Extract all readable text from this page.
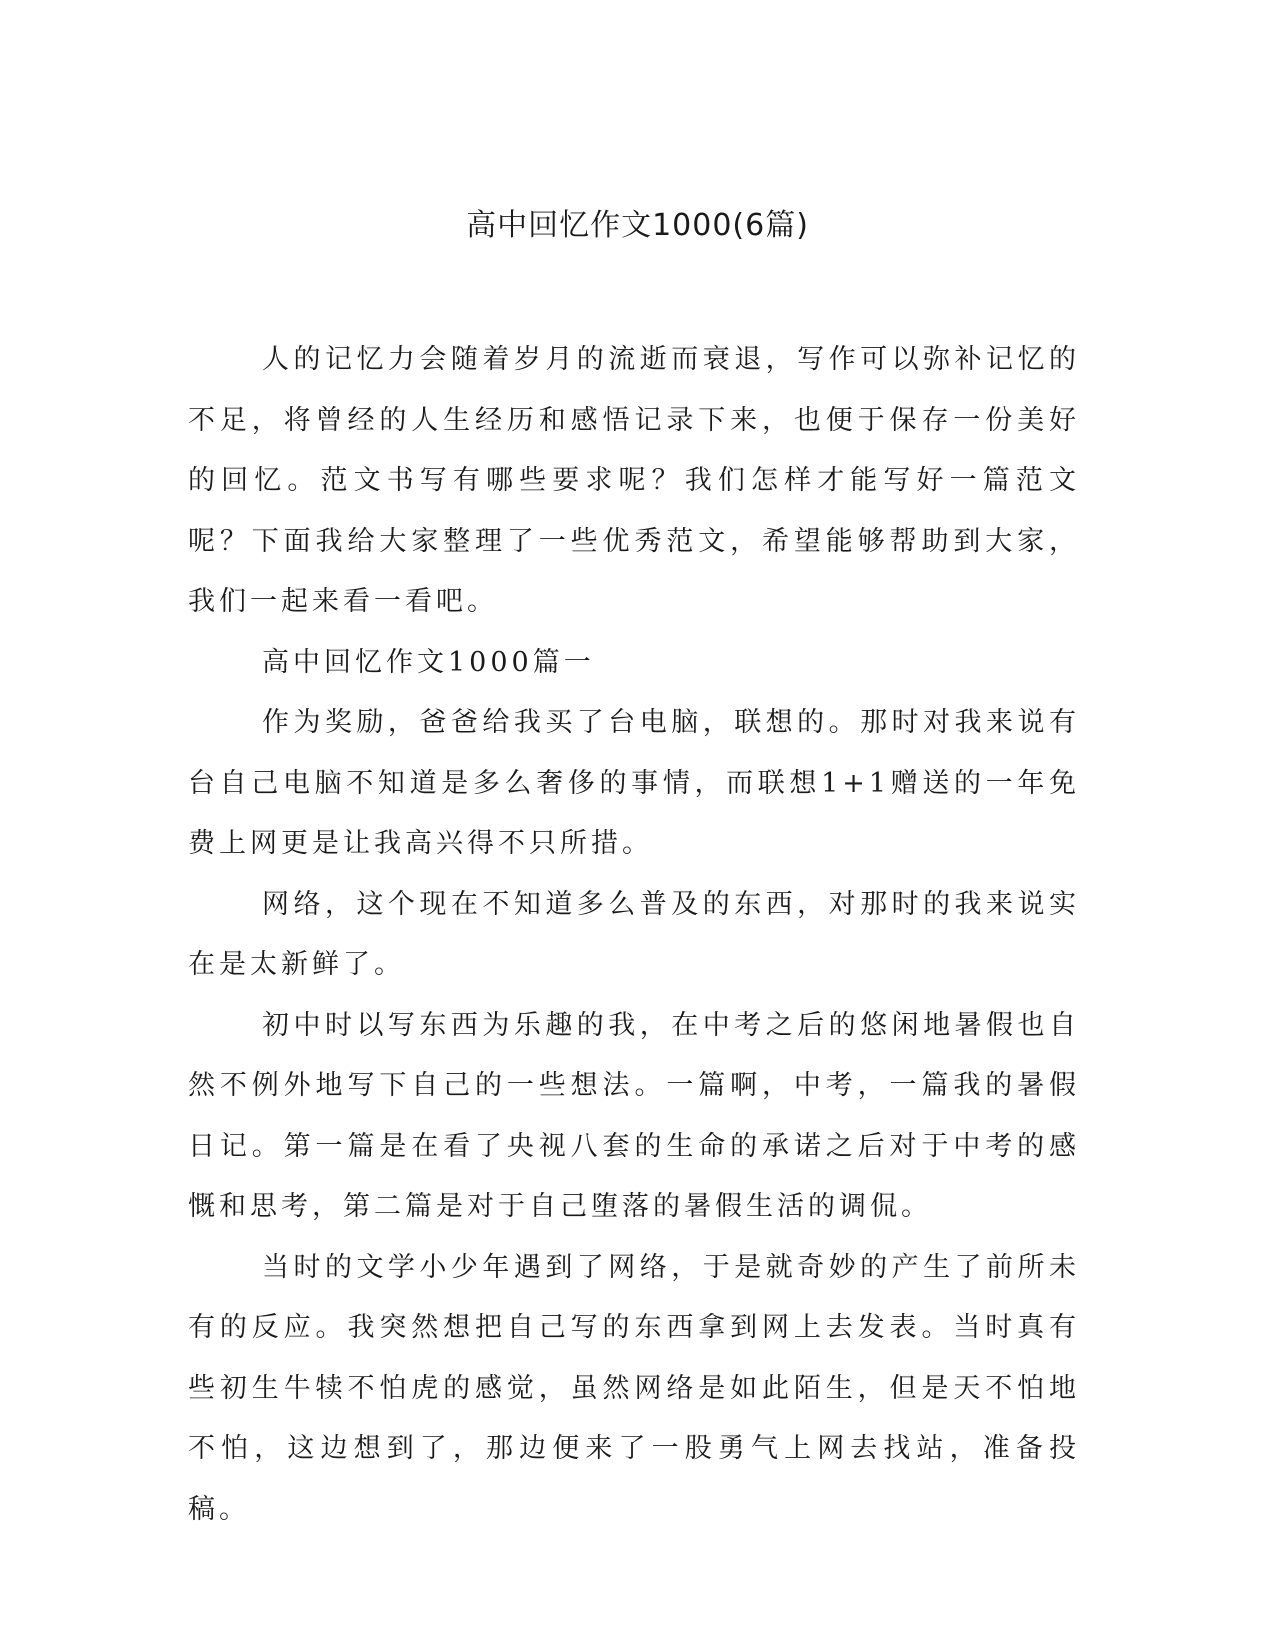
高中回忆作文1000(6篇)

人的记忆力会随着岁月的流逝而衰退，写作可以弥补记忆的不足，将曾经的人生经历和感悟记录下来，也便于保存一份美好的回忆。范文书写有哪些要求呢？我们怎样才能写好一篇范文呢？下面我给大家整理了一些优秀范文，希望能够帮助到大家，我们一起来看一看吧。

高中回忆作文1000篇一

作为奖励，爸爸给我买了台电脑，联想的。那时对我来说有台自己电脑不知道是多么奢侈的事情，而联想1+1赠送的一年免费上网更是让我高兴得不只所措。

网络，这个现在不知道多么普及的东西，对那时的我来说实在是太新鲜了。

初中时以写东西为乐趣的我，在中考之后的悠闲地暑假也自然不例外地写下自己的一些想法。一篇啊，中考，一篇我的暑假日记。第一篇是在看了央视八套的生命的承诺之后对于中考的感慨和思考，第二篇是对于自己堕落的暑假生活的调侃。

当时的文学小少年遇到了网络，于是就奇妙的产生了前所未有的反应。我突然想把自己写的东西拿到网上去发表。当时真有些初生牛犊不怕虎的感觉，虽然网络是如此陌生，但是天不怕地不怕，这边想到了，那边便来了一股勇气上网去找站，准备投稿。
